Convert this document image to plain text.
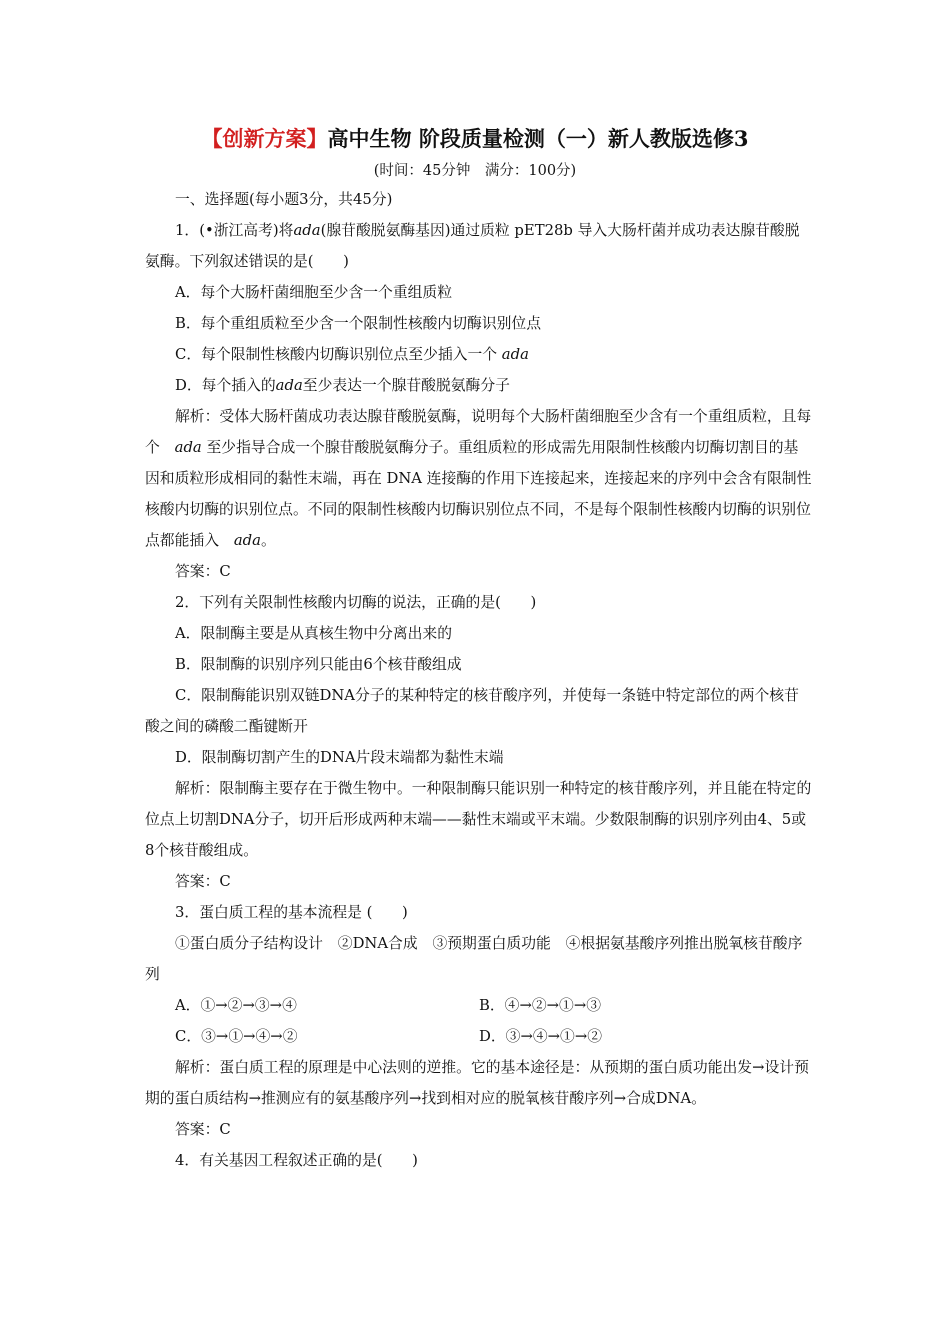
【创新方案】高中生物 阶段质量检测（一）新人教版选修3
(时间：45分钟　满分：100分)

一、选择题(每小题3分，共45分)

1．(•浙江高考)将ada(腺苷酸脱氨酶基因)通过质粒 pET28b 导入大肠杆菌并成功表达腺苷酸脱氨酶。下列叙述错误的是(　　)

A．每个大肠杆菌细胞至少含一个重组质粒

B．每个重组质粒至少含一个限制性核酸内切酶识别位点

C．每个限制性核酸内切酶识别位点至少插入一个 ada

D．每个插入的ada至少表达一个腺苷酸脱氨酶分子

解析：受体大肠杆菌成功表达腺苷酸脱氨酶，说明每个大肠杆菌细胞至少含有一个重组质粒，且每个　 ada 至少指导合成一个腺苷酸脱氨酶分子。重组质粒的形成需先用限制性核酸内切酶切割目的基因和质粒形成相同的黏性末端，再在 DNA 连接酶的作用下连接起来，连接起来的序列中会含有限制性核酸内切酶的识别位点。不同的限制性核酸内切酶识别位点不同，不是每个限制性核酸内切酶的识别位点都能插入　 ada。

答案：C

2．下列有关限制性核酸内切酶的说法，正确的是(　　)

A．限制酶主要是从真核生物中分离出来的

B．限制酶的识别序列只能由6个核苷酸组成

C．限制酶能识别双链DNA分子的某种特定的核苷酸序列，并使每一条链中特定部位的两个核苷酸之间的磷酸二酯键断开

D．限制酶切割产生的DNA片段末端都为黏性末端

解析：限制酶主要存在于微生物中。一种限制酶只能识别一种特定的核苷酸序列，并且能在特定的位点上切割DNA分子，切开后形成两种末端——黏性末端或平末端。少数限制酶的识别序列由4、5或8个核苷酸组成。

答案：C

3．蛋白质工程的基本流程是 (　　)

①蛋白质分子结构设计　②DNA合成　③预期蛋白质功能　④根据氨基酸序列推出脱氧核苷酸序列

A．①→②→③→④	B．④→②→①→③

C．③→①→④→②	D．③→④→①→②

解析：蛋白质工程的原理是中心法则的逆推。它的基本途径是：从预期的蛋白质功能出发→设计预期的蛋白质结构→推测应有的氨基酸序列→找到相对应的脱氧核苷酸序列→合成DNA。

答案：C

4．有关基因工程叙述正确的是(　　)
